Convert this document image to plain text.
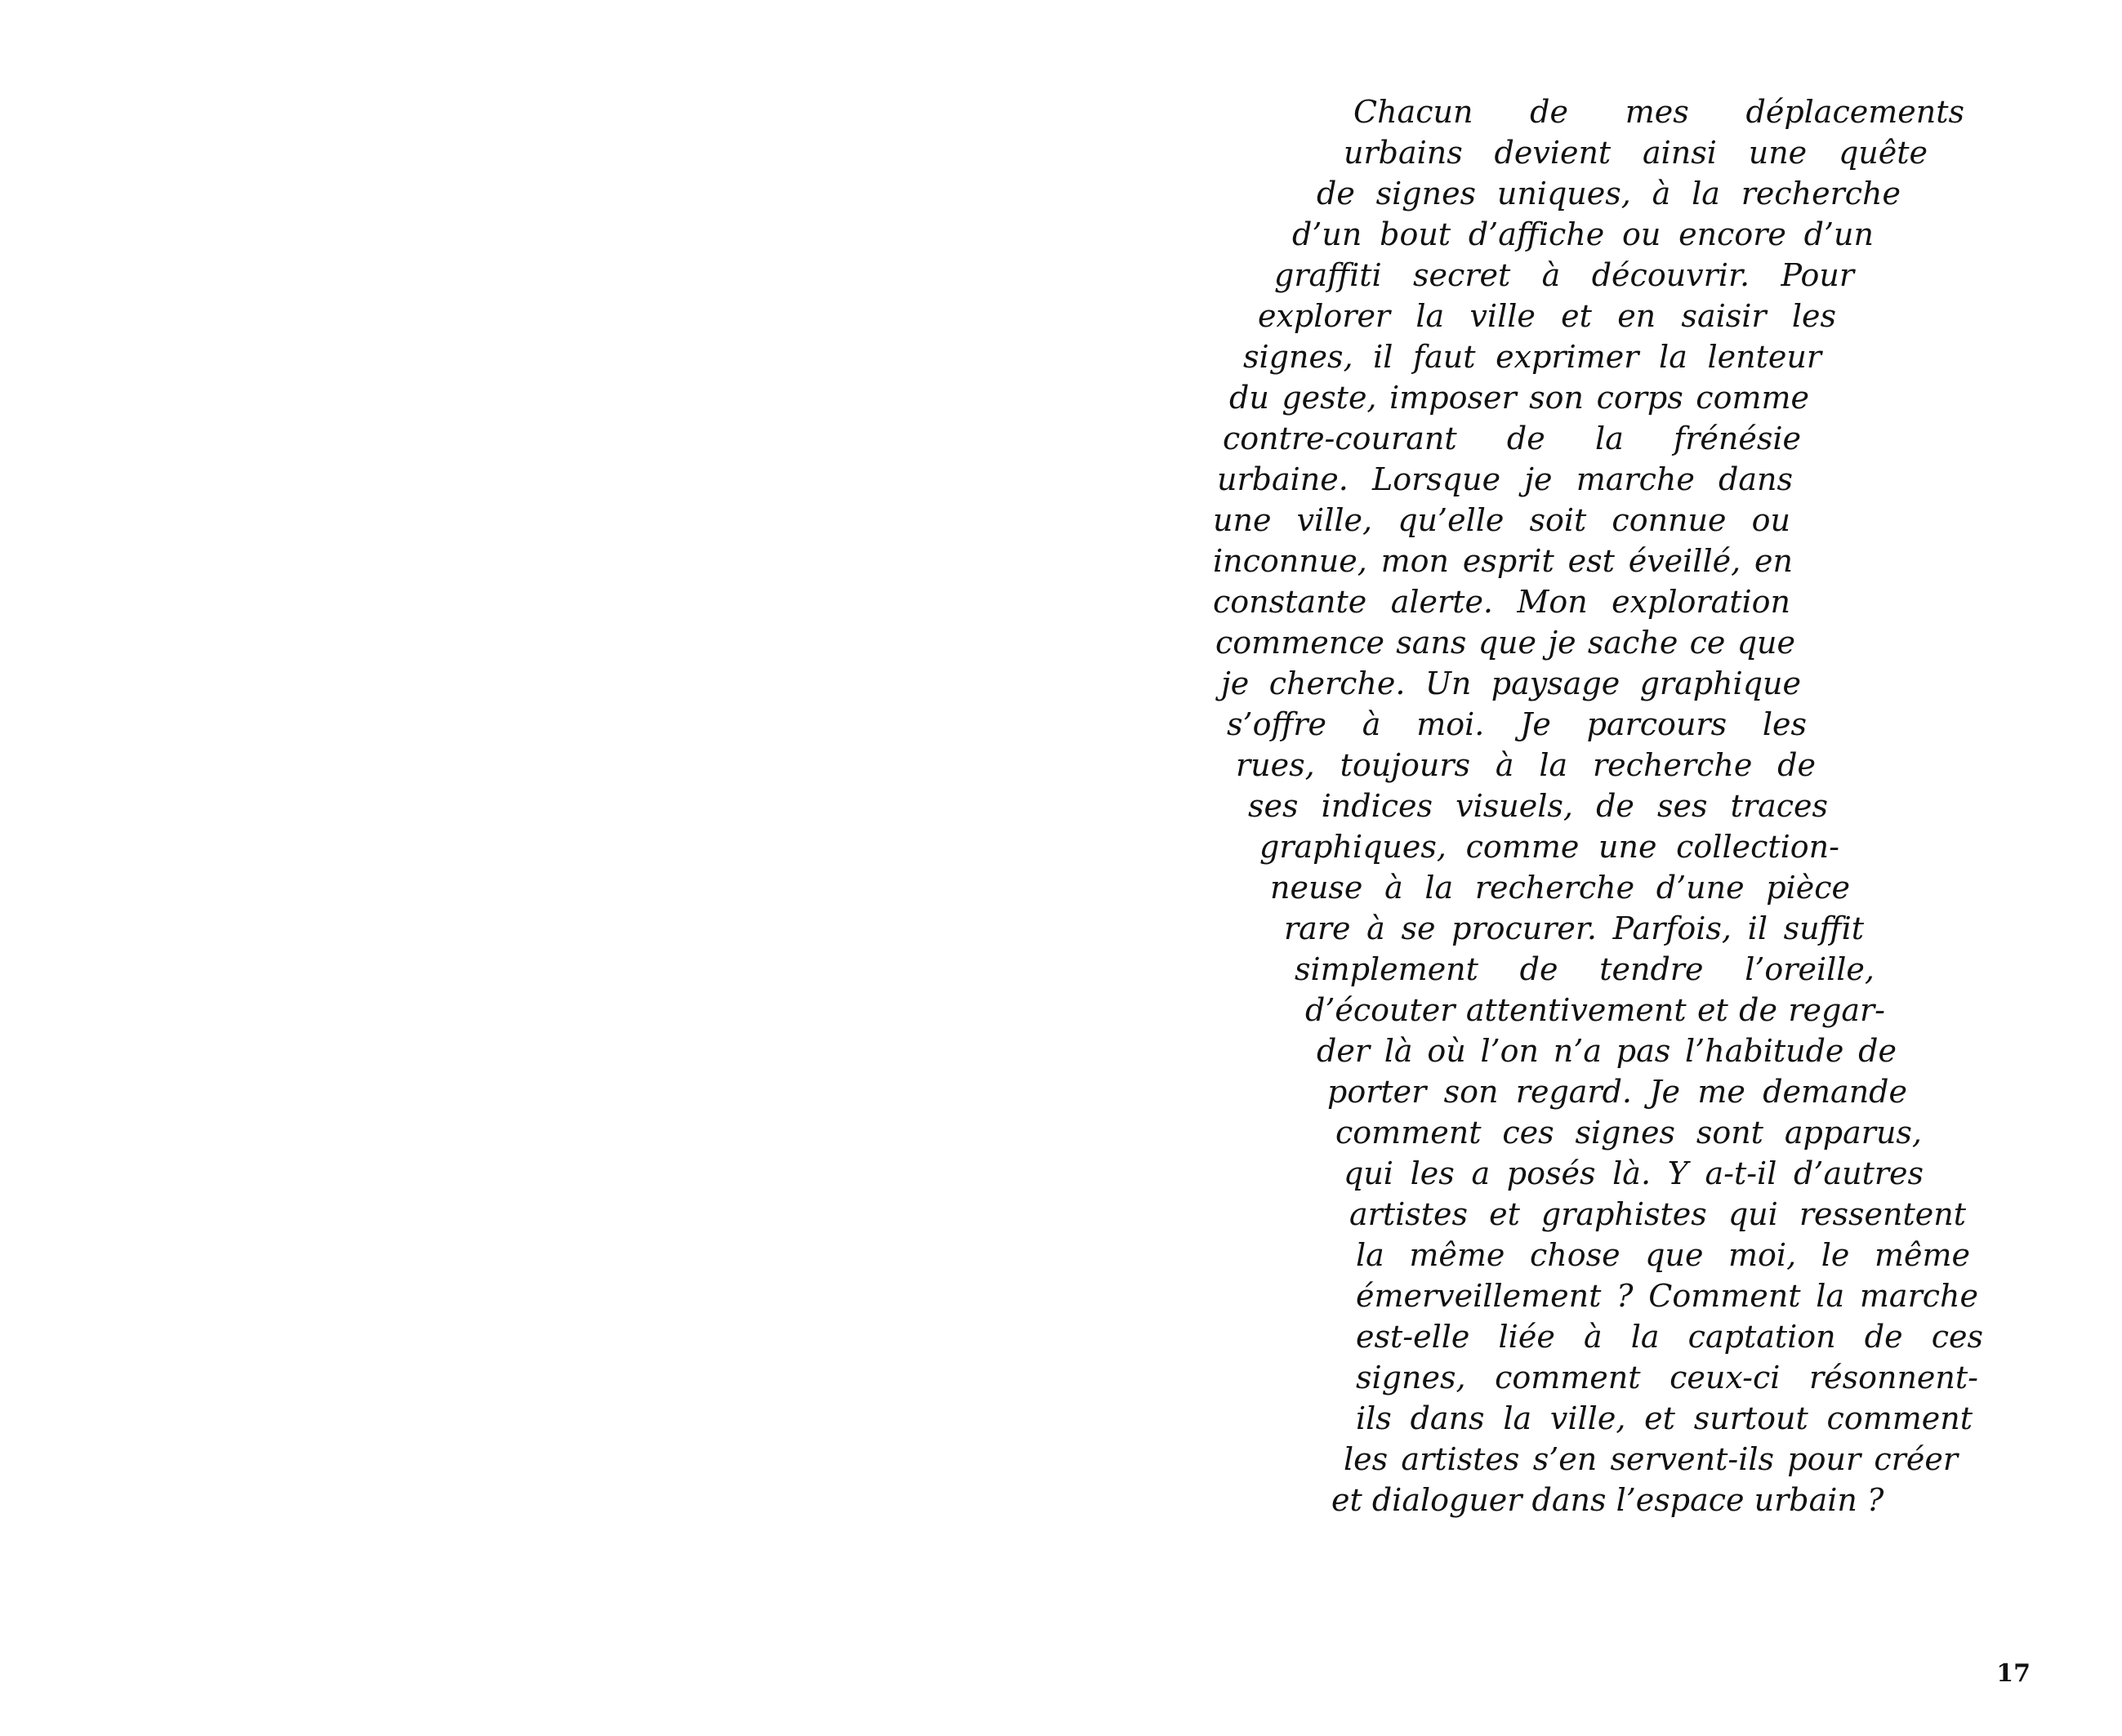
Chacun de mes déplacements
urbains devient ainsi une quête
de signes uniques, à la recherche
d’un bout d’affiche ou encore d’un
graffiti secret à découvrir. Pour
explorer la ville et en saisir les
signes, il faut exprimer la lenteur
du geste, imposer son corps comme
contre-courant de la frénésie
urbaine. Lorsque je marche dans
une ville, qu’elle soit connue ou
inconnue, mon esprit est éveillé, en
constante alerte. Mon exploration
commence sans que je sache ce que
je cherche. Un paysage graphique
s’offre à moi. Je parcours les
rues, toujours à la recherche de
ses indices visuels, de ses traces
graphiques, comme une collection-
neuse à la recherche d’une pièce
rare à se procurer. Parfois, il suffit
simplement de tendre l’oreille,
d’écouter attentivement et de regar-
der là où l’on n’a pas l’habitude de
porter son regard. Je me demande
comment ces signes sont apparus,
qui les a posés là. Y a-t-il d’autres
artistes et graphistes qui ressentent
la même chose que moi, le même
émerveillement ? Comment la marche
est-elle liée à la captation de ces
signes, comment ceux-ci résonnent-
ils dans la ville, et surtout comment
les artistes s’en servent-ils pour créer
et dialoguer dans l’espace urbain ?
17
